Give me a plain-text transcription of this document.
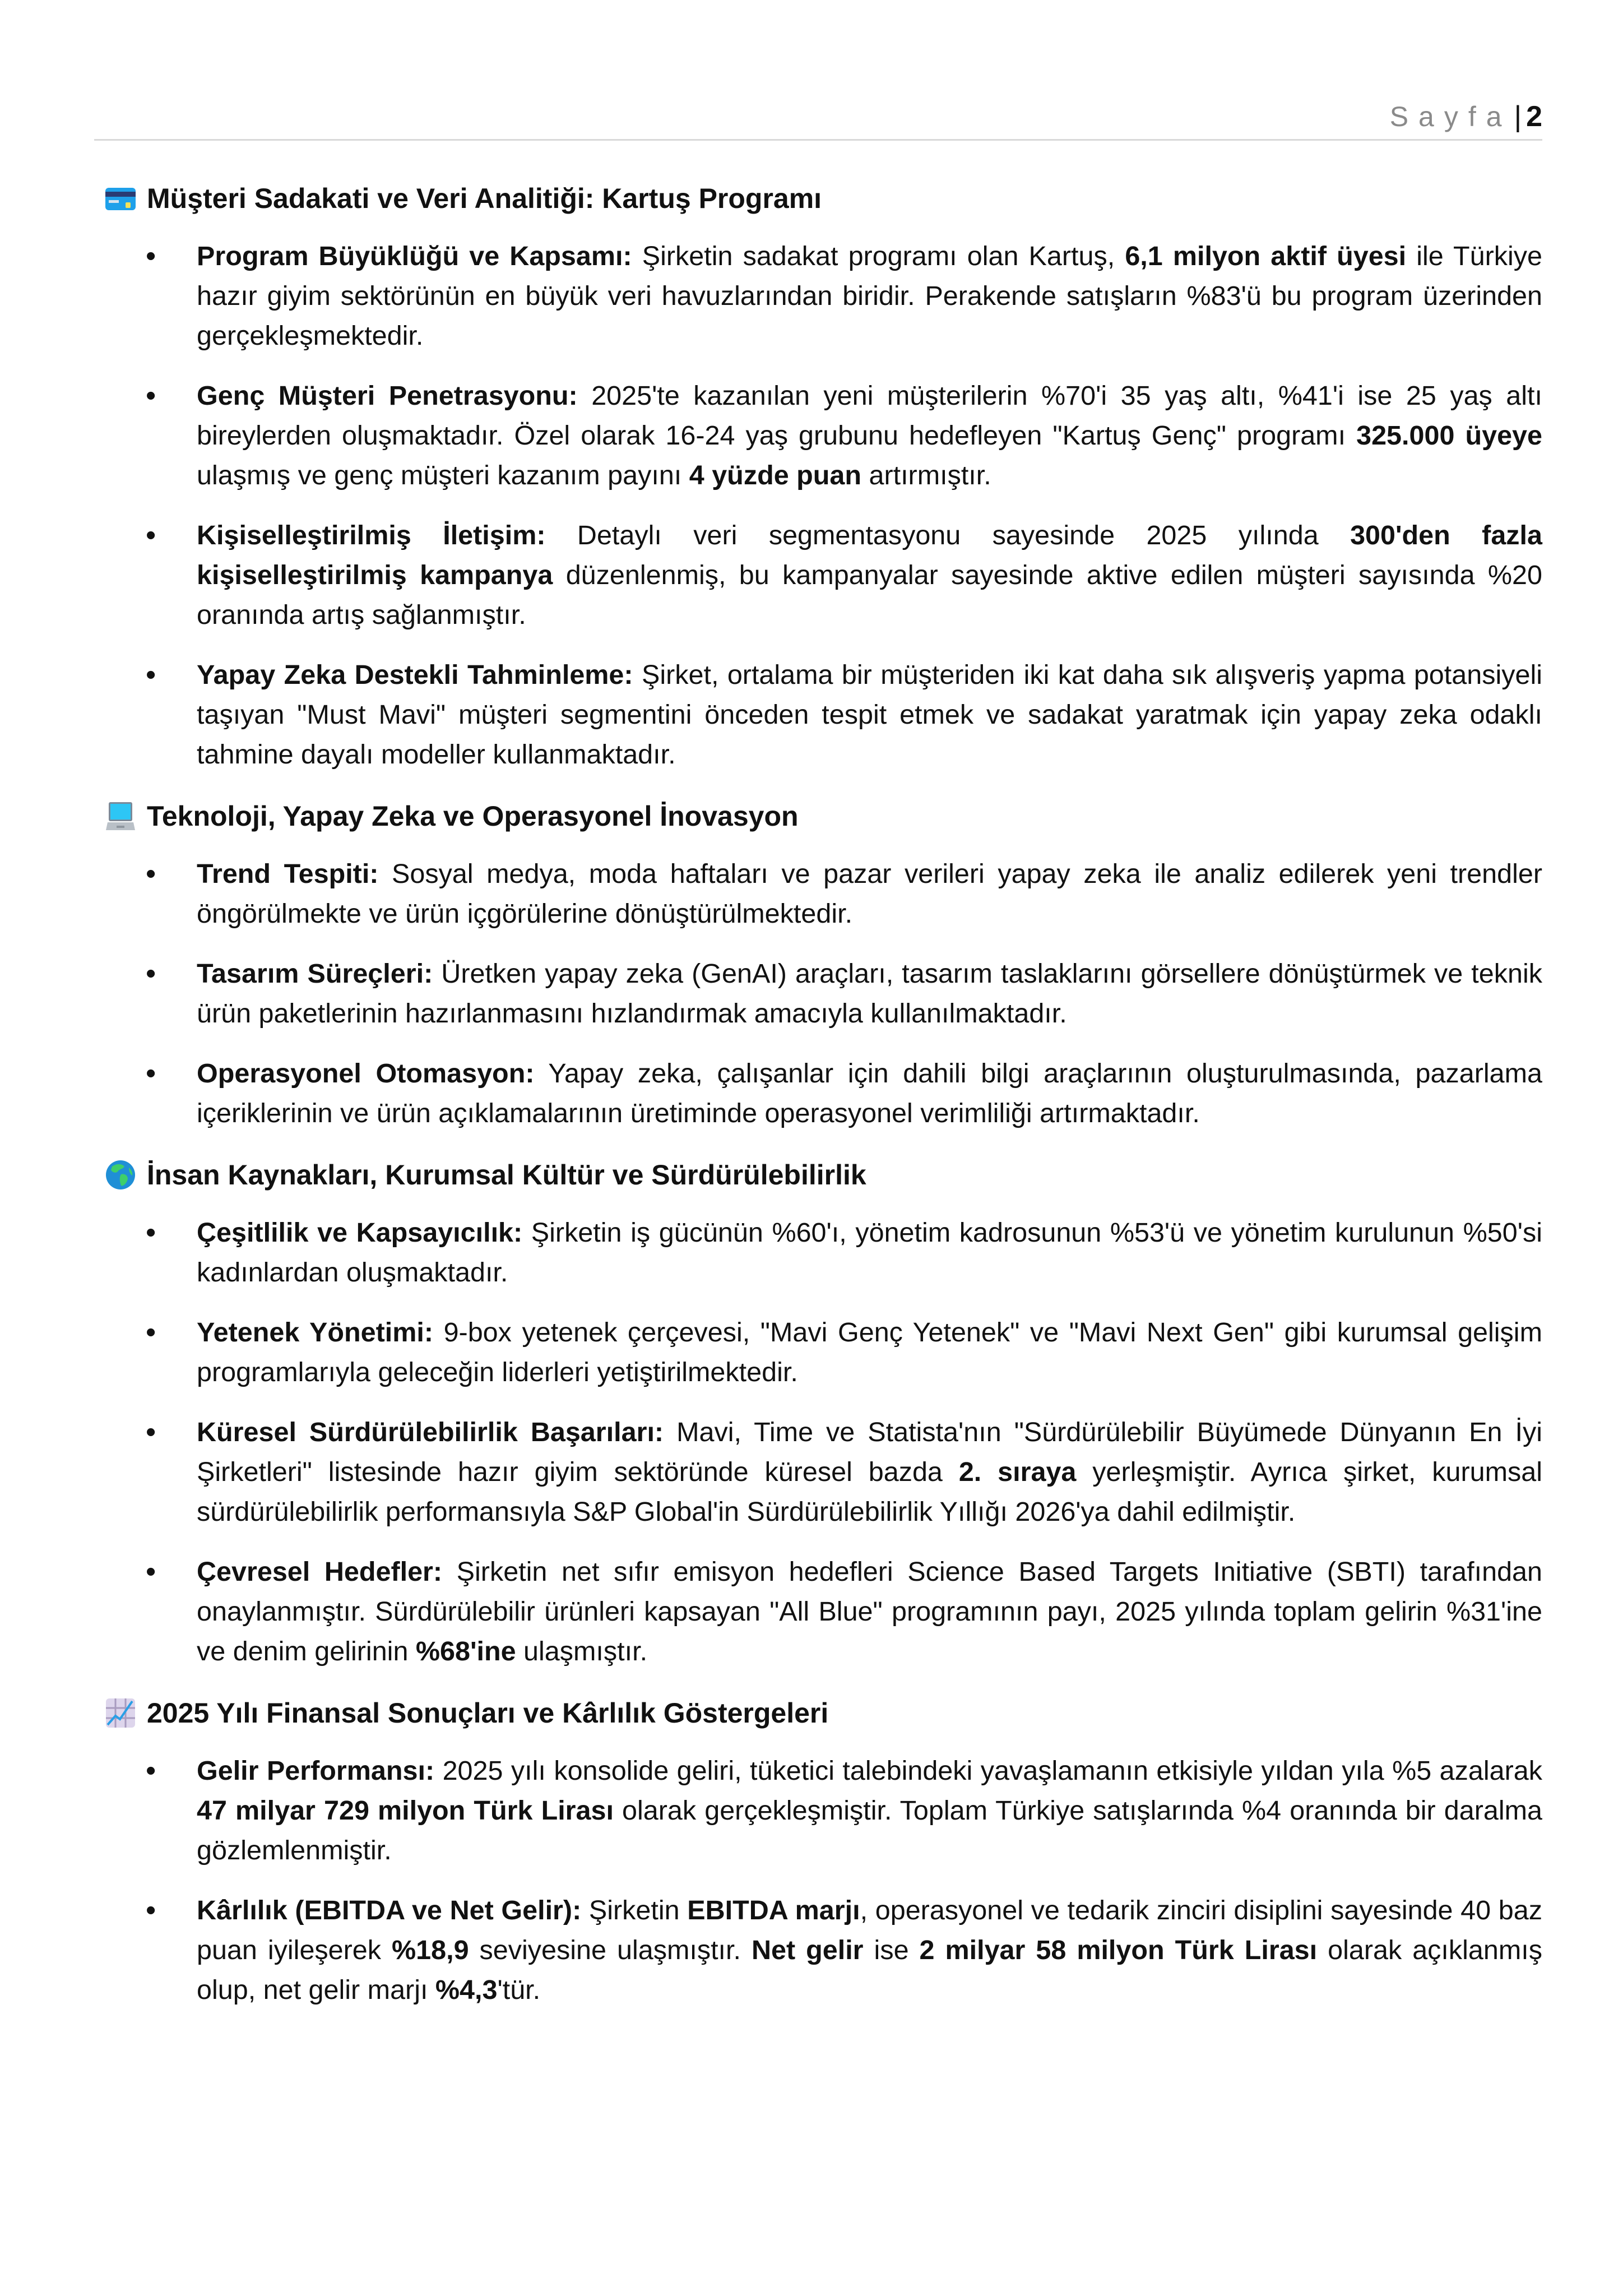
Sayfa | 2
Müşteri Sadakati ve Veri Analitiği: Kartuş Programı
• Program Büyüklüğü ve Kapsamı: Şirketin sadakat programı olan Kartuş, 6,1 milyon aktif üyesi ile Türkiye hazır giyim sektörünün en büyük veri havuzlarından biridir. Perakende satışların %83'ü bu program üzerinden gerçekleşmektedir.
• Genç Müşteri Penetrasyonu: 2025'te kazanılan yeni müşterilerin %70'i 35 yaş altı, %41'i ise 25 yaş altı bireylerden oluşmaktadır. Özel olarak 16-24 yaş grubunu hedefleyen "Kartuş Genç" programı 325.000 üyeye ulaşmış ve genç müşteri kazanım payını 4 yüzde puan artırmıştır.
• Kişiselleştirilmiş İletişim: Detaylı veri segmentasyonu sayesinde 2025 yılında 300'den fazla kişiselleştirilmiş kampanya düzenlenmiş, bu kampanyalar sayesinde aktive edilen müşteri sayısında %20 oranında artış sağlanmıştır.
• Yapay Zeka Destekli Tahminleme: Şirket, ortalama bir müşteriden iki kat daha sık alışveriş yapma potansiyeli taşıyan "Must Mavi" müşteri segmentini önceden tespit etmek ve sadakat yaratmak için yapay zeka odaklı tahmine dayalı modeller kullanmaktadır.
Teknoloji, Yapay Zeka ve Operasyonel İnovasyon
• Trend Tespiti: Sosyal medya, moda haftaları ve pazar verileri yapay zeka ile analiz edilerek yeni trendler öngörülmekte ve ürün içgörülerine dönüştürülmektedir.
• Tasarım Süreçleri: Üretken yapay zeka (GenAI) araçları, tasarım taslaklarını görsellere dönüştürmek ve teknik ürün paketlerinin hazırlanmasını hızlandırmak amacıyla kullanılmaktadır.
• Operasyonel Otomasyon: Yapay zeka, çalışanlar için dahili bilgi araçlarının oluşturulmasında, pazarlama içeriklerinin ve ürün açıklamalarının üretiminde operasyonel verimliliği artırmaktadır.
İnsan Kaynakları, Kurumsal Kültür ve Sürdürülebilirlik
• Çeşitlilik ve Kapsayıcılık: Şirketin iş gücünün %60'ı, yönetim kadrosunun %53'ü ve yönetim kurulunun %50'si kadınlardan oluşmaktadır.
• Yetenek Yönetimi: 9-box yetenek çerçevesi, "Mavi Genç Yetenek" ve "Mavi Next Gen" gibi kurumsal gelişim programlarıyla geleceğin liderleri yetiştirilmektedir.
• Küresel Sürdürülebilirlik Başarıları: Mavi, Time ve Statista'nın "Sürdürülebilir Büyümede Dünyanın En İyi Şirketleri" listesinde hazır giyim sektöründe küresel bazda 2. sıraya yerleşmiştir. Ayrıca şirket, kurumsal sürdürülebilirlik performansıyla S&P Global'in Sürdürülebilirlik Yıllığı 2026'ya dahil edilmiştir.
• Çevresel Hedefler: Şirketin net sıfır emisyon hedefleri Science Based Targets Initiative (SBTI) tarafından onaylanmıştır. Sürdürülebilir ürünleri kapsayan "All Blue" programının payı, 2025 yılında toplam gelirin %31'ine ve denim gelirinin %68'ine ulaşmıştır.
2025 Yılı Finansal Sonuçları ve Kârlılık Göstergeleri
• Gelir Performansı: 2025 yılı konsolide geliri, tüketici talebindeki yavaşlamanın etkisiyle yıldan yıla %5 azalarak 47 milyar 729 milyon Türk Lirası olarak gerçekleşmiştir. Toplam Türkiye satışlarında %4 oranında bir daralma gözlemlenmiştir.
• Kârlılık (EBITDA ve Net Gelir): Şirketin EBITDA marjı, operasyonel ve tedarik zinciri disiplini sayesinde 40 baz puan iyileşerek %18,9 seviyesine ulaşmıştır. Net gelir ise 2 milyar 58 milyon Türk Lirası olarak açıklanmış olup, net gelir marjı %4,3'tür.
